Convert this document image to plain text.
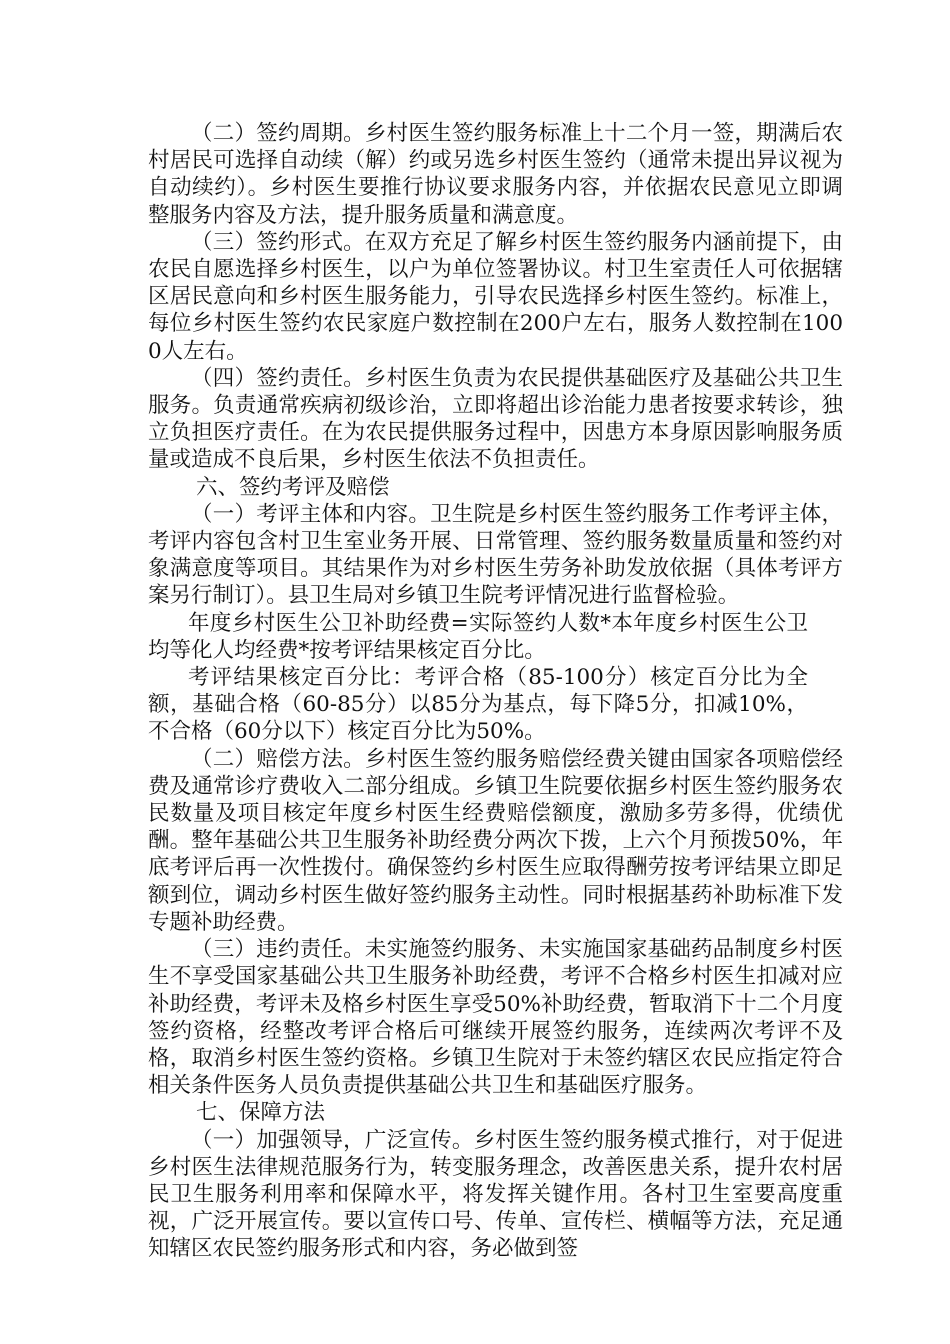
（二）签约周期。乡村医生签约服务标准上十二个月一签，期满后农村居民可选择自动续（解）约或另选乡村医生签约（通常未提出异议视为自动续约）。乡村医生要推行协议要求服务内容，并依据农民意见立即调整服务内容及方法，提升服务质量和满意度。

（三）签约形式。在双方充足了解乡村医生签约服务内涵前提下，由农民自愿选择乡村医生，以户为单位签署协议。村卫生室责任人可依据辖区居民意向和乡村医生服务能力，引导农民选择乡村医生签约。标准上，每位乡村医生签约农民家庭户数控制在200户左右，服务人数控制在1000人左右。

（四）签约责任。乡村医生负责为农民提供基础医疗及基础公共卫生服务。负责通常疾病初级诊治，立即将超出诊治能力患者按要求转诊，独立负担医疗责任。在为农民提供服务过程中，因患方本身原因影响服务质量或造成不良后果，乡村医生依法不负担责任。

六、签约考评及赔偿

（一）考评主体和内容。卫生院是乡村医生签约服务工作考评主体，考评内容包含村卫生室业务开展、日常管理、签约服务数量质量和签约对象满意度等项目。其结果作为对乡村医生劳务补助发放依据（具体考评方案另行制订）。县卫生局对乡镇卫生院考评情况进行监督检验。

年度乡村医生公卫补助经费=实际签约人数*本年度乡村医生公卫均等化人均经费*按考评结果核定百分比。

考评结果核定百分比：考评合格（85-100分）核定百分比为全额，基础合格（60-85分）以85分为基点，每下降5分，扣减10%，不合格（60分以下）核定百分比为50%。

（二）赔偿方法。乡村医生签约服务赔偿经费关键由国家各项赔偿经费及通常诊疗费收入二部分组成。乡镇卫生院要依据乡村医生签约服务农民数量及项目核定年度乡村医生经费赔偿额度，激励多劳多得，优绩优酬。整年基础公共卫生服务补助经费分两次下拨，上六个月预拨50%，年底考评后再一次性拨付。确保签约乡村医生应取得酬劳按考评结果立即足额到位，调动乡村医生做好签约服务主动性。同时根据基药补助标准下发专题补助经费。

（三）违约责任。未实施签约服务、未实施国家基础药品制度乡村医生不享受国家基础公共卫生服务补助经费，考评不合格乡村医生扣减对应补助经费，考评未及格乡村医生享受50%补助经费，暂取消下十二个月度签约资格，经整改考评合格后可继续开展签约服务，连续两次考评不及格，取消乡村医生签约资格。乡镇卫生院对于未签约辖区农民应指定符合相关条件医务人员负责提供基础公共卫生和基础医疗服务。

七、保障方法

（一）加强领导，广泛宣传。乡村医生签约服务模式推行，对于促进乡村医生法律规范服务行为，转变服务理念，改善医患关系，提升农村居民卫生服务利用率和保障水平，将发挥关键作用。各村卫生室要高度重视，广泛开展宣传。要以宣传口号、传单、宣传栏、横幅等方法，充足通知辖区农民签约服务形式和内容，务必做到签
